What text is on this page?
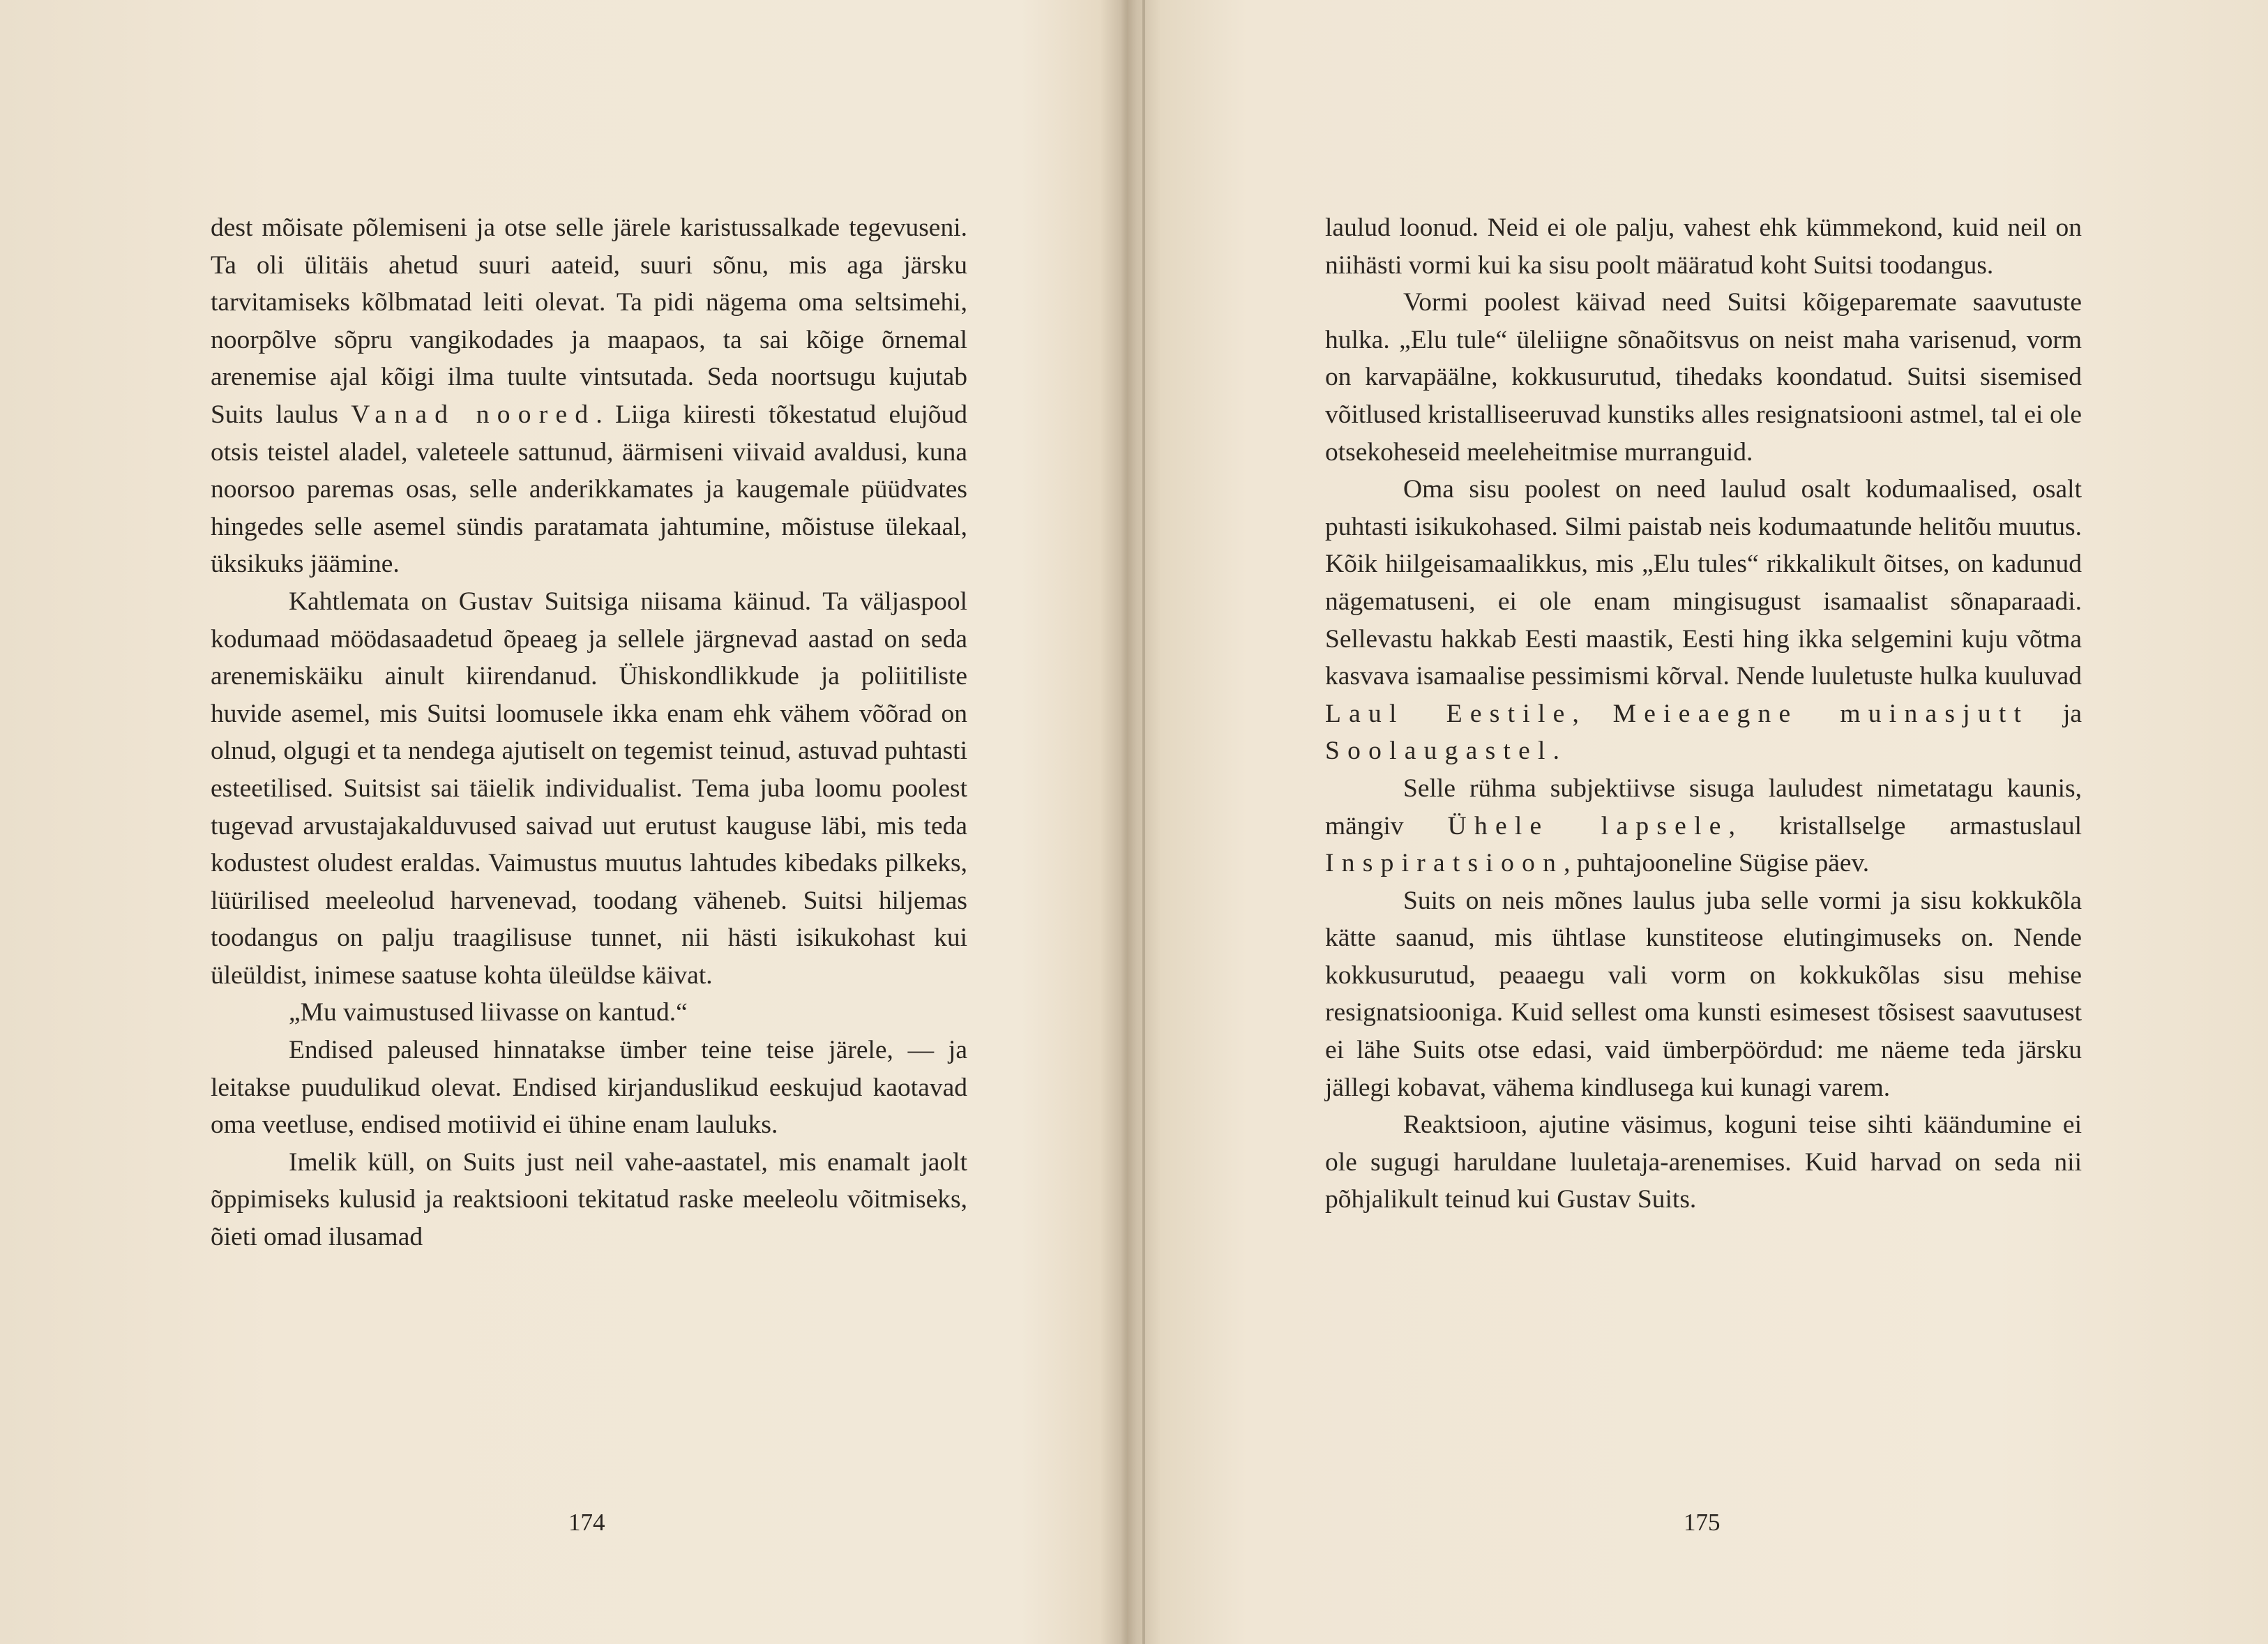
dest mõisate põlemiseni ja otse selle järele karistussalkade tegevuseni. Ta oli ülitäis ahetud suuri aateid, suuri sõnu, mis aga järsku tarvitamiseks kõlbmatad leiti olevat. Ta pidi nägema oma seltsimehi, noorpõlve sõpru vangikodades ja maapaos, ta sai kõige õrnemal arenemise ajal kõigi ilma tuulte vintsutada. Seda noortsugu kujutab Suits laulus Vanad noored. Liiga kiiresti tõkestatud elujõud otsis teistel aladel, valeteele sattunud, äärmiseni viivaid avaldusi, kuna noorsoo paremas osas, selle anderikkamates ja kaugemale püüdvates hingedes selle asemel sündis paratamata jahtumine, mõistuse ülekaal, üksikuks jäämine.

Kahtlemata on Gustav Suitsiga niisama käinud. Ta väljaspool kodumaad möödasaadetud õpeaeg ja sellele järgnevad aastad on seda arenemiskäiku ainult kiirendanud. Ühiskondlikkude ja poliitiliste huvide asemel, mis Suitsi loomusele ikka enam ehk vähem võõrad on olnud, olgugi et ta nendega ajutiselt on tegemist teinud, astuvad puhtasti esteetilised. Suitsist sai täielik individualist. Tema juba loomu poolest tugevad arvustajakalduvused saivad uut erutust kauguse läbi, mis teda kodustest oludest eraldas. Vaimustus muutus lahtudes kibedaks pilkeks, lüürilised meeleolud harvenevad, toodang väheneb. Suitsi hiljemas toodangus on palju traagilisuse tunnet, nii hästi isikukohast kui üleüldist, inimese saatuse kohta üleüldse käivat.

„Mu vaimustused liivasse on kantud.“

Endised paleused hinnatakse ümber teine teise järele, — ja leitakse puudulikud olevat. Endised kirjanduslikud eeskujud kaotavad oma veetluse, endised motiivid ei ühine enam lauluks.

Imelik küll, on Suits just neil vahe-aastatel, mis enamalt jaolt õppimiseks kulusid ja reaktsiooni tekitatud raske meeleolu võitmiseks, õieti omad ilusamad

174

laulud loonud. Neid ei ole palju, vahest ehk kümmekond, kuid neil on niihästi vormi kui ka sisu poolt määratud koht Suitsi toodangus.

Vormi poolest käivad need Suitsi kõigeparemate saavutuste hulka. „Elu tule“ üleliigne sõnaõitsvus on neist maha varisenud, vorm on karvapäälne, kokkusurutud, tihedaks koondatud. Suitsi sisemised võitlused kristalliseeruvad kunstiks alles resignatsiooni astmel, tal ei ole otsekoheseid meeleheitmise murranguid.

Oma sisu poolest on need laulud osalt kodumaalised, osalt puhtasti isikukohased. Silmi paistab neis kodumaatunde helitõu muutus. Kõik hiilgeisamaalikkus, mis „Elu tules“ rikkalikult õitses, on kadunud nägematuseni, ei ole enam mingisugust isamaalist sõnaparaadi. Sellevastu hakkab Eesti maastik, Eesti hing ikka selgemini kuju võtma kasvava isamaalise pessimismi kõrval. Nende luuletuste hulka kuuluvad Laul Eestile, Meieaegne muinasjutt ja Soolaugastel.

Selle rühma subjektiivse sisuga lauludest nimetatagu kaunis, mängiv Ühele lapsele, kristallselge armastuslaul Inspiratsioon, puhtajooneline Sügise päev.

Suits on neis mõnes laulus juba selle vormi ja sisu kokkukõla kätte saanud, mis ühtlase kunstiteose elutingimuseks on. Nende kokkusurutud, peaaegu vali vorm on kokkukõlas sisu mehise resignatsiooniga. Kuid sellest oma kunsti esimesest tõsisest saavutusest ei lähe Suits otse edasi, vaid ümberpöördud: me näeme teda järsku jällegi kobavat, vähema kindlusega kui kunagi varem.

Reaktsioon, ajutine väsimus, koguni teise sihti käändumine ei ole sugugi haruldane luuletaja-arenemises. Kuid harvad on seda nii põhjalikult teinud kui Gustav Suits.

175
